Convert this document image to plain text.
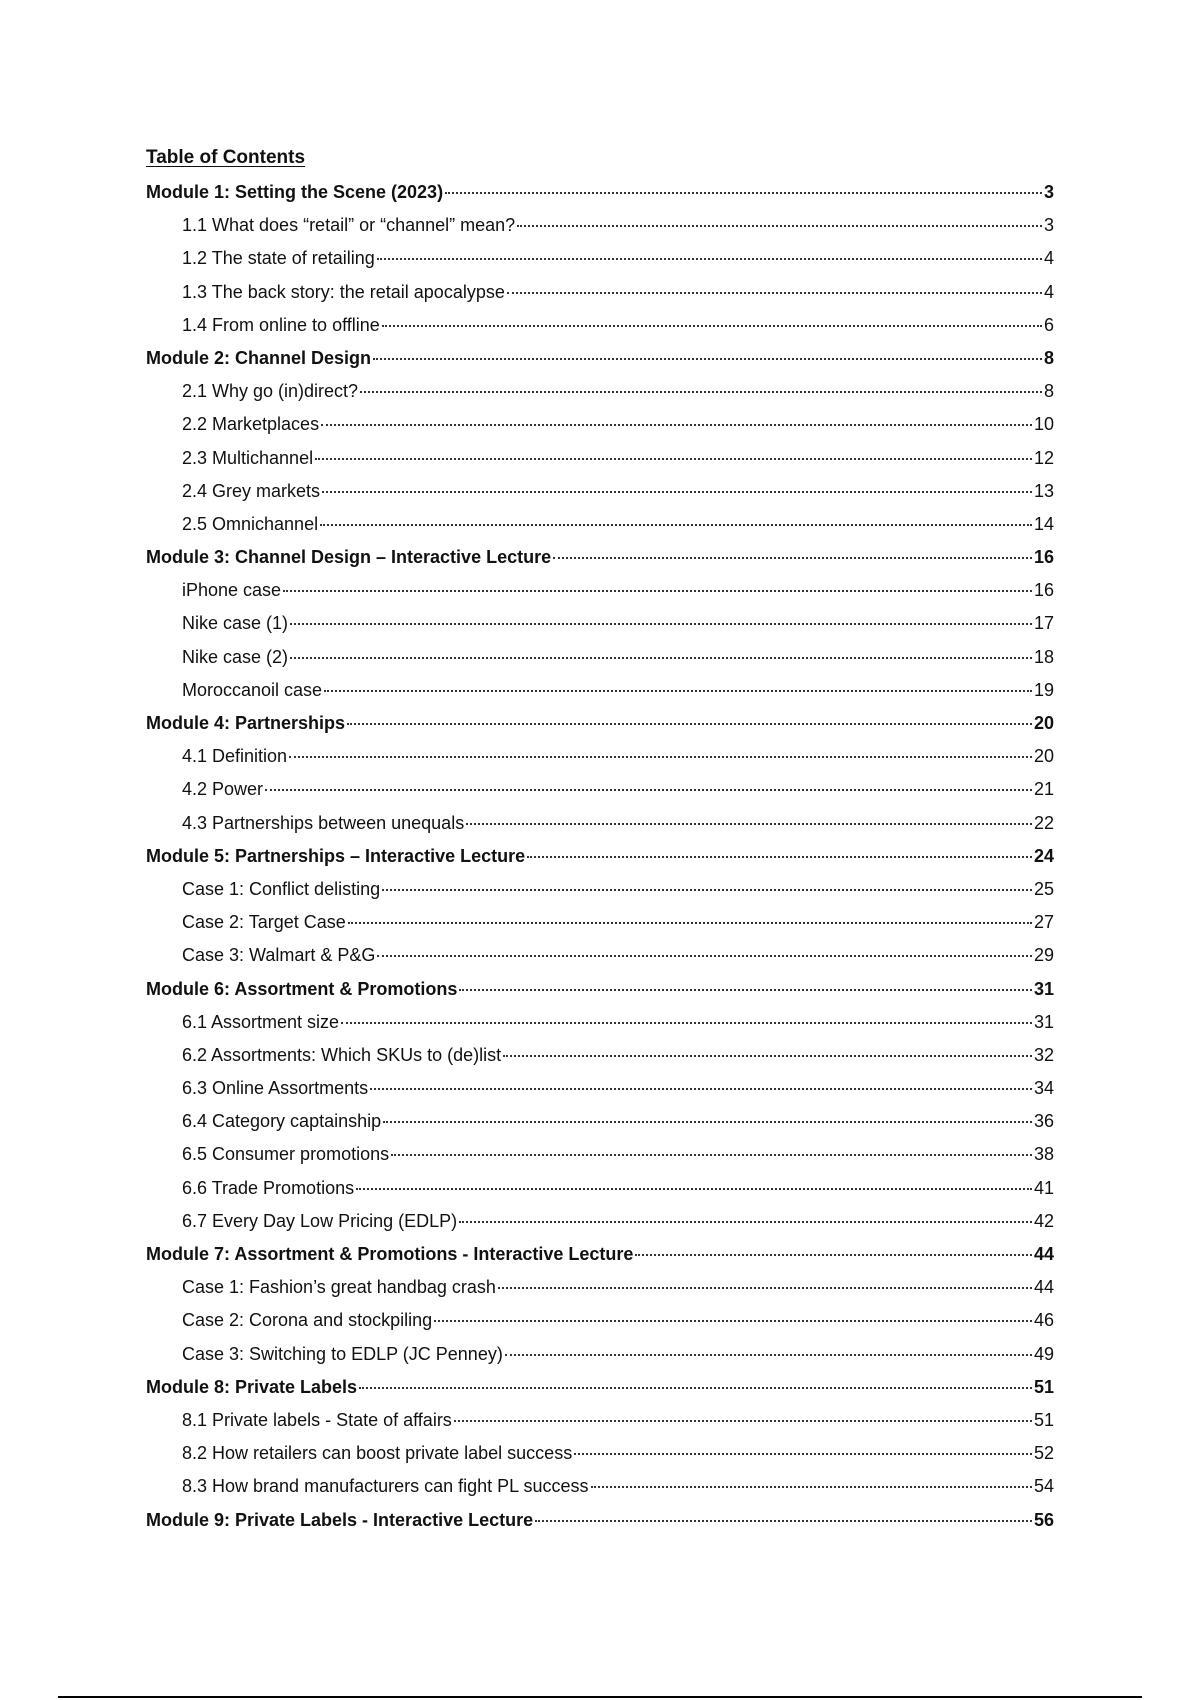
Table of Contents
Module 1: Setting the Scene (2023)	3
1.1 What does “retail” or “channel” mean?	3
1.2 The state of retailing	4
1.3 The back story: the retail apocalypse	4
1.4 From online to offline	6
Module 2: Channel Design	8
2.1 Why go (in)direct?	8
2.2 Marketplaces	10
2.3 Multichannel	12
2.4 Grey markets	13
2.5 Omnichannel	14
Module 3: Channel Design – Interactive Lecture	16
iPhone case	16
Nike case (1)	17
Nike case (2)	18
Moroccanoil case	19
Module 4: Partnerships	20
4.1 Definition	20
4.2 Power	21
4.3 Partnerships between unequals	22
Module 5: Partnerships – Interactive Lecture	24
Case 1: Conflict delisting	25
Case 2: Target Case	27
Case 3: Walmart & P&G	29
Module 6: Assortment & Promotions	31
6.1 Assortment size	31
6.2 Assortments: Which SKUs to (de)list	32
6.3 Online Assortments	34
6.4 Category captainship	36
6.5 Consumer promotions	38
6.6 Trade Promotions	41
6.7 Every Day Low Pricing (EDLP)	42
Module 7: Assortment & Promotions - Interactive Lecture	44
Case 1: Fashion’s great handbag crash	44
Case 2: Corona and stockpiling	46
Case 3: Switching to EDLP (JC Penney)	49
Module 8: Private Labels	51
8.1 Private labels - State of affairs	51
8.2 How retailers can boost private label success	52
8.3 How brand manufacturers can fight PL success	54
Module 9: Private Labels - Interactive Lecture	56
